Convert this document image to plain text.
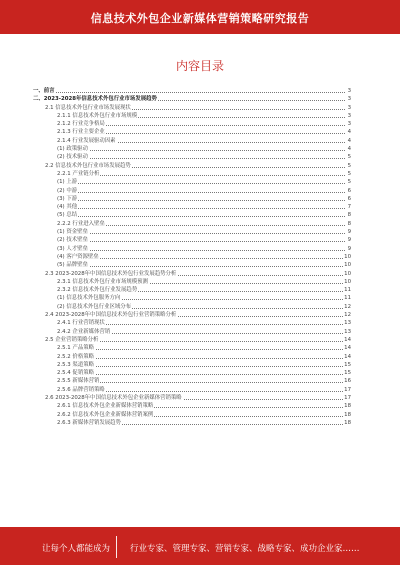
信息技术外包企业新媒体营销策略研究报告
内容目录
一、前言	3
二、2023-2028年信息技术外包行业市场发展趋势	3
2.1 信息技术外包行业市场发展现状	3
2.1.1 信息技术外包行业市场规模	3
2.1.2 行业竞争格局	3
2.1.3 行业主要企业	4
2.1.4 行业发展驱动因素	4
(1) 政策驱动	4
(2) 技术驱动	5
2.2 信息技术外包行业市场发展趋势	5
2.2.1 产业链分析	5
(1) 上游	5
(2) 中游	6
(3) 下游	6
(4) 其他	7
(5) 总结	8
2.2.2 行业进入壁垒	8
(1) 资金壁垒	9
(2) 技术壁垒	9
(3) 人才壁垒	9
(4) 客户资源壁垒	10
(5) 品牌壁垒	10
2.3 2023-2028年中国信息技术外包行业发展趋势分析	10
2.3.1 信息技术外包行业市场规模预测	10
2.3.2 信息技术外包行业发展趋势	11
(1) 信息技术外包服务方向	11
(2) 信息技术外包行业区域分布	12
2.4 2023-2028年中国信息技术外包行业营销策略分析	12
2.4.1 行业营销现状	13
2.4.2 企业新媒体营销	13
2.5 企业营销策略分析	14
2.5.1 产品策略	14
2.5.2 价格策略	14
2.5.3 渠道策略	15
2.5.4 促销策略	15
2.5.5 新媒体营销	16
2.5.6 品牌营销策略	17
2.6 2023-2028年中国信息技术外包企业新媒体营销策略	17
2.6.1 信息技术外包企业新媒体营销策略	18
2.6.2 信息技术外包企业新媒体营销案例	18
2.6.3 新媒体营销发展趋势	18
让每个人都能成为 行业专家、管理专家、营销专家、战略专家、成功企业家……
